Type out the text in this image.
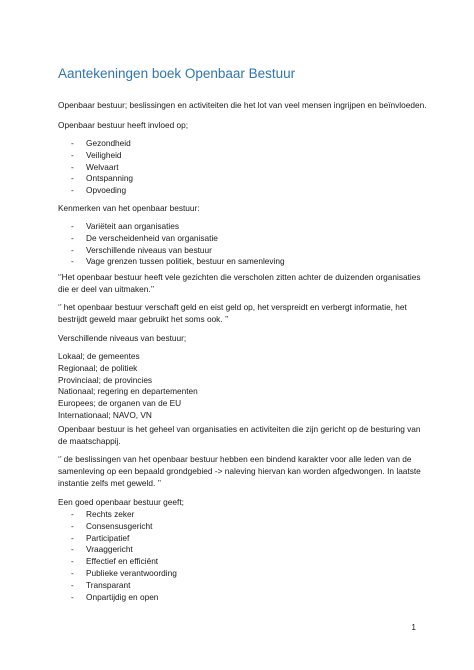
Aantekeningen boek Openbaar Bestuur
Openbaar bestuur; beslissingen en activiteiten die het lot van veel mensen ingrijpen en beïnvloeden.
Openbaar bestuur heeft invloed op;
- Gezondheid
- Veiligheid
- Welvaart
- Ontspanning
- Opvoeding
Kenmerken van het openbaar bestuur:
- Variëteit aan organisaties
- De verscheidenheid van organisatie
- Verschillende niveaus van bestuur
- Vage grenzen tussen politiek, bestuur en samenleving
‘’Het openbaar bestuur heeft vele gezichten die verscholen zitten achter de duizenden organisaties
die er deel van uitmaken.’’
‘’ het openbaar bestuur verschaft geld en eist geld op, het verspreidt en verbergt informatie, het
bestrijdt geweld maar gebruikt het soms ook. ’’
Verschillende niveaus van bestuur;
Lokaal; de gemeentes
Regionaal; de politiek
Provinciaal; de provincies
Nationaal; regering en departementen
Europees; de organen van de EU
Internationaal; NAVO, VN
Openbaar bestuur is het geheel van organisaties en activiteiten die zijn gericht op de besturing van
de maatschappij.
‘’ de beslissingen van het openbaar bestuur hebben een bindend karakter voor alle leden van de
samenleving op een bepaald grondgebied -> naleving hiervan kan worden afgedwongen. In laatste
instantie zelfs met geweld. ’’
Een goed openbaar bestuur geeft;
- Rechts zeker
- Consensusgericht
- Participatief
- Vraaggericht
- Effectief en efficiënt
- Publieke verantwoording
- Transparant
- Onpartijdig en open
1
